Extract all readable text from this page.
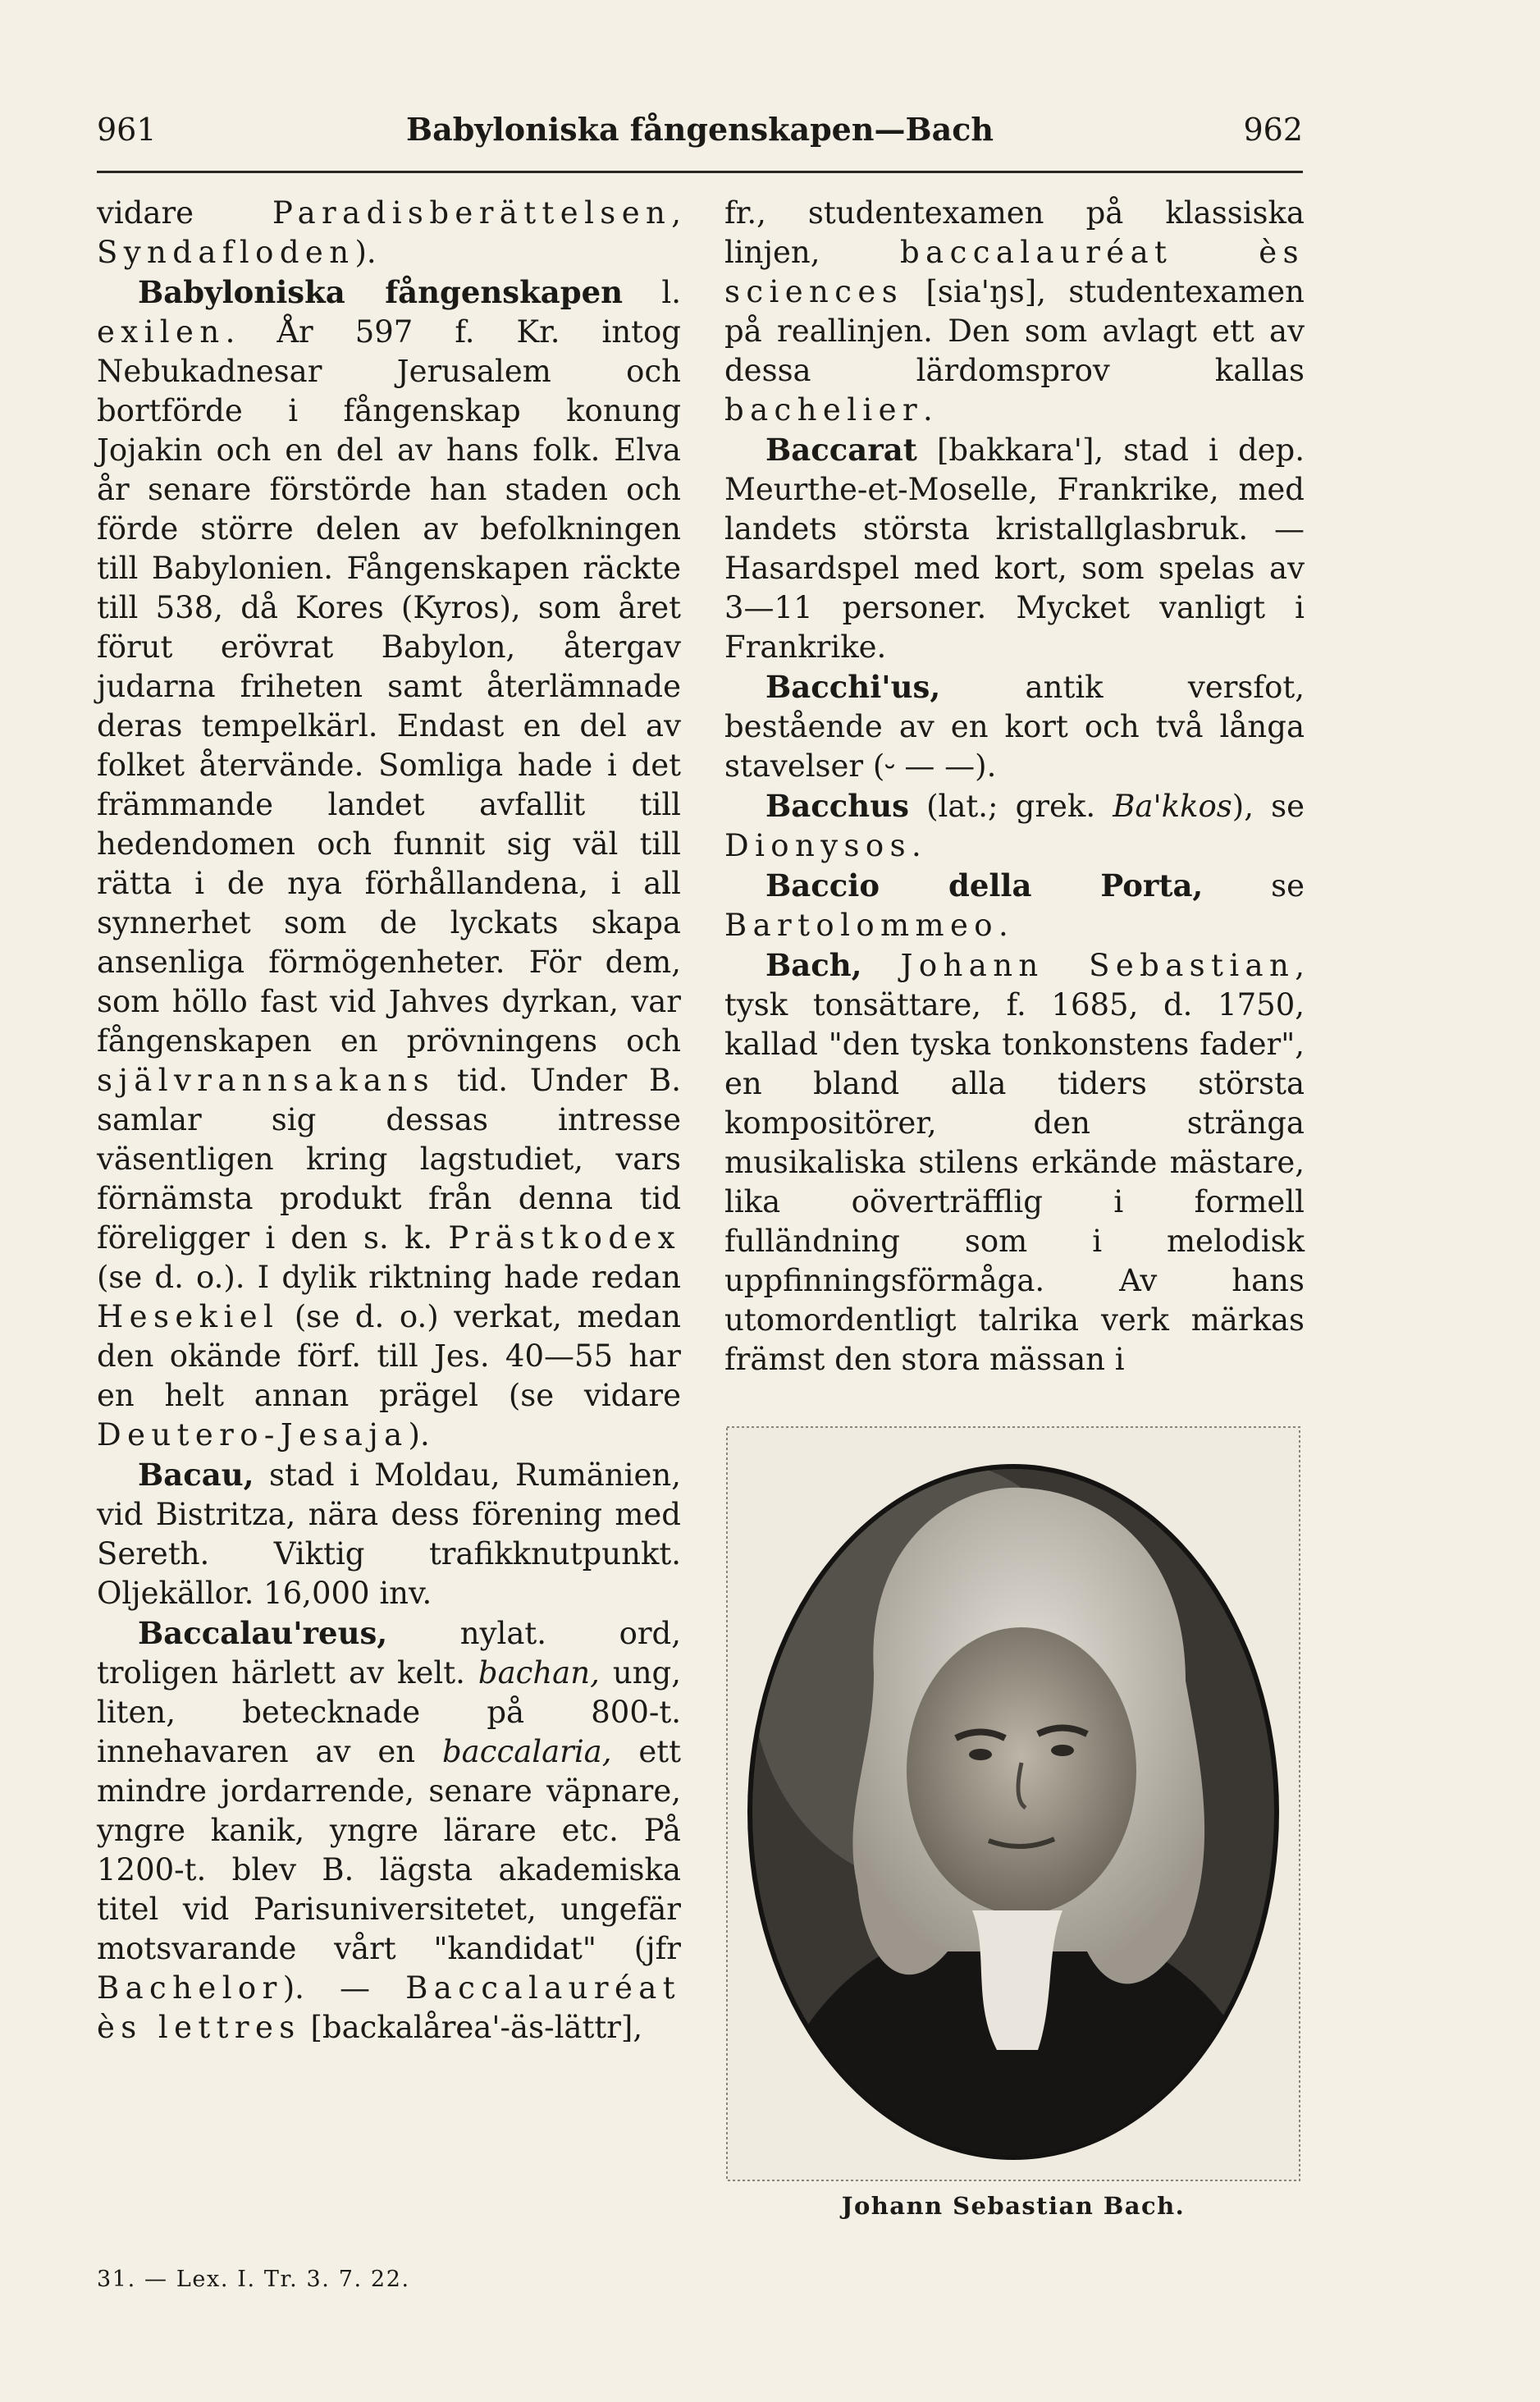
961	Babyloniska fångenskapen—Bach	962

vidare Paradisberättelsen, Syndafloden).

Babyloniska fångenskapen l. exilen. År 597 f. Kr. intog Nebukadnesar Jerusalem och bortförde i fångenskap konung Jojakin och en del av hans folk. Elva år senare förstörde han staden och förde större delen av befolkningen till Babylonien. Fångenskapen räckte till 538, då Kores (Kyros), som året förut erövrat Babylon, återgav judarna friheten samt återlämnade deras tempelkärl. Endast en del av folket återvände. Somliga hade i det främmande landet avfallit till hedendomen och funnit sig väl till rätta i de nya förhållandena, i all synnerhet som de lyckats skapa ansenliga förmögenheter. För dem, som höllo fast vid Jahves dyrkan, var fångenskapen en prövningens och självrannsakans tid. Under B. samlar sig dessas intresse väsentligen kring lagstudiet, vars förnämsta produkt från denna tid föreligger i den s. k. Prästkodex (se d. o.). I dylik riktning hade redan Hesekiel (se d. o.) verkat, medan den okände förf. till Jes. 40—55 har en helt annan prägel (se vidare Deutero-Jesaja).

Bacau, stad i Moldau, Rumänien, vid Bistritza, nära dess förening med Sereth. Viktig trafikknutpunkt. Oljekällor. 16,000 inv.

Baccalau'reus, nylat. ord, troligen härlett av kelt. bachan, ung, liten, betecknade på 800-t. innehavaren av en baccalaria, ett mindre jordarrende, senare väpnare, yngre kanik, yngre lärare etc. På 1200-t. blev B. lägsta akademiska titel vid Parisuniversitetet, ungefär motsvarande vårt "kandidat" (jfr Bachelor). — Baccalauréat ès lettres [backalårea'-äs-lättr],

fr., studentexamen på klassiska linjen, baccalauréat ès sciences [sia'ŋs], studentexamen på reallinjen. Den som avlagt ett av dessa lärdomsprov kallas bachelier.

Baccarat [bakkara'], stad i dep. Meurthe-et-Moselle, Frankrike, med landets största kristallglasbruk. — Hasardspel med kort, som spelas av 3—11 personer. Mycket vanligt i Frankrike.

Bacchi'us, antik versfot, bestående av en kort och två långa stavelser (⏑ — —).

Bacchus (lat.; grek. Ba'kkos), se Dionysos.

Baccio della Porta, se Bartolommeo.

Bach, Johann Sebastian, tysk tonsättare, f. 1685, d. 1750, kallad "den tyska tonkonstens fader", en bland alla tiders största kompositörer, den stränga musikaliska stilens erkände mästare, lika oöverträfflig i formell fulländning som i melodisk uppfinningsförmåga. Av hans utomordentligt talrika verk märkas främst den stora mässan i

Johann Sebastian Bach.
31. — Lex. I. Tr. 3. 7. 22.
